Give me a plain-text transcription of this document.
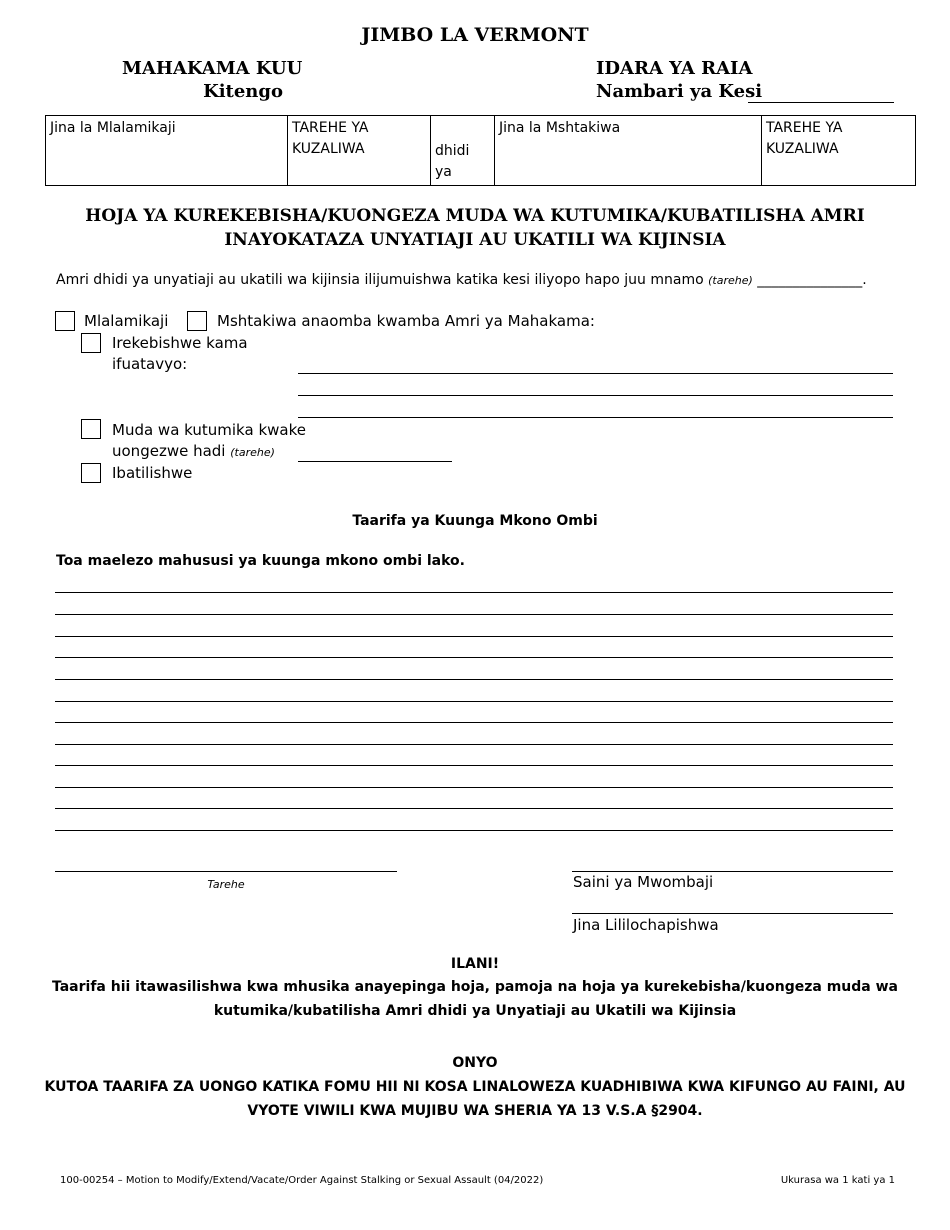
JIMBO LA VERMONT
MAHAKAMA KUU
Kitengo
IDARA YA RAIA
Nambari ya Kesi
Jina la Mlalamikaji	TAREHE YA KUZALIWA	dhidi ya	Jina la Mshtakiwa	TAREHE YA KUZALIWA
HOJA YA KUREKEBISHA/KUONGEZA MUDA WA KUTUMIKA/KUBATILISHA AMRI
INAYOKATAZA UNYATIAJI AU UKATILI WA KIJINSIA
Amri dhidi ya unyatiaji au ukatili wa kijinsia ilijumuishwa katika kesi iliyopo hapo juu mnamo (tarehe) _______________.
Mlalamikaji	Mshtakiwa anaomba kwamba Amri ya Mahakama:
Irekebishwe kama
ifuatavyo:
Muda wa kutumika kwake
uongezwe hadi (tarehe)
Ibatilishwe
Taarifa ya Kuunga Mkono Ombi
Toa maelezo mahususi ya kuunga mkono ombi lako.
Tarehe	Saini ya Mwombaji
Jina Lililochapishwa
ILANI!
Taarifa hii itawasilishwa kwa mhusika anayepinga hoja, pamoja na hoja ya kurekebisha/kuongeza muda wa
kutumika/kubatilisha Amri dhidi ya Unyatiaji au Ukatili wa Kijinsia
ONYO
KUTOA TAARIFA ZA UONGO KATIKA FOMU HII NI KOSA LINALOWEZA KUADHIBIWA KWA KIFUNGO AU FAINI, AU
VYOTE VIWILI KWA MUJIBU WA SHERIA YA 13 V.S.A §2904.
100-00254 – Motion to Modify/Extend/Vacate/Order Against Stalking or Sexual Assault (04/2022)	Ukurasa wa 1 kati ya 1
